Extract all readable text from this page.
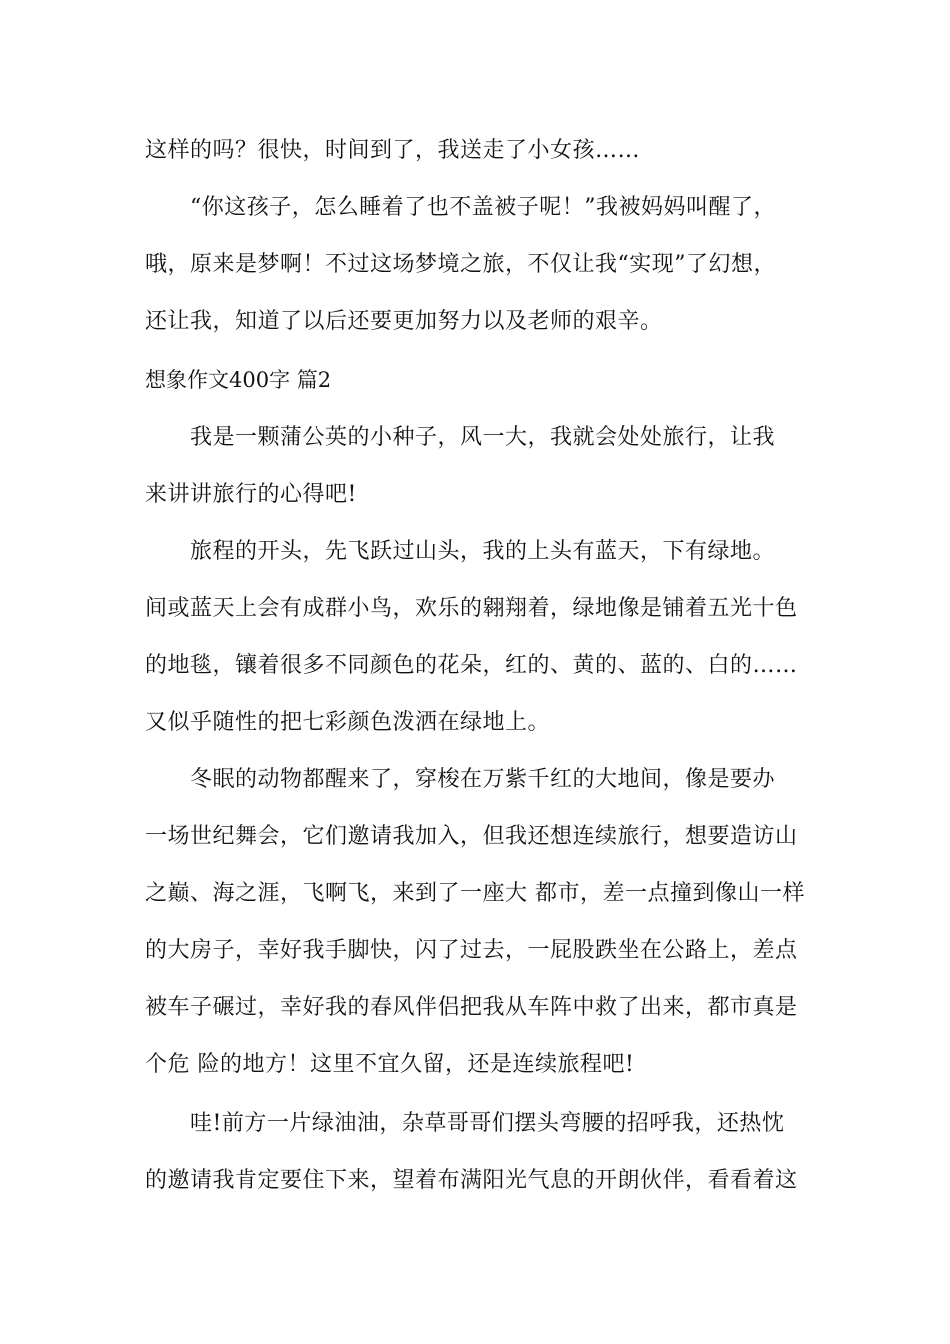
这样的吗？很快，时间到了，我送走了小女孩……
　　“你这孩子，怎么睡着了也不盖被子呢！”我被妈妈叫醒了，
哦，原来是梦啊！不过这场梦境之旅，不仅让我“实现”了幻想，
还让我，知道了以后还要更加努力以及老师的艰辛。
想象作文400字 篇2
　　我是一颗蒲公英的小种子，风一大，我就会处处旅行，让我
来讲讲旅行的心得吧!
　　旅程的开头，先飞跃过山头，我的上头有蓝天，下有绿地。
间或蓝天上会有成群小鸟，欢乐的翱翔着，绿地像是铺着五光十色
的地毯，镶着很多不同颜色的花朵，红的、黄的、蓝的、白的……
又似乎随性的把七彩颜色泼洒在绿地上。
　　冬眠的动物都醒来了，穿梭在万紫千红的大地间，像是要办
一场世纪舞会，它们邀请我加入，但我还想连续旅行，想要造访山
之巅、海之涯，飞啊飞，来到了一座大 都市，差一点撞到像山一样
的大房子，幸好我手脚快，闪了过去，一屁股跌坐在公路上，差点
被车子碾过，幸好我的春风伴侣把我从车阵中救了出来，都市真是
个危 险的地方！这里不宜久留，还是连续旅程吧!
　　哇!前方一片绿油油，杂草哥哥们摆头弯腰的招呼我，还热忱
的邀请我肯定要住下来，望着布满阳光气息的开朗伙伴，看看着这
